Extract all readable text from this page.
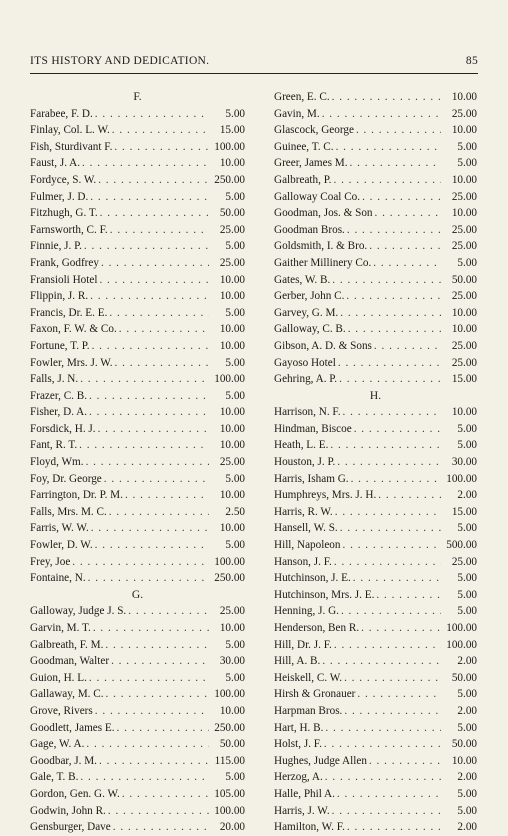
ITS HISTORY AND DEDICATION.	85
F.
Farabee, F. D. . . .	5.00
Finlay, Col. L. W. . . .	15.00
Fish, Sturdivant F. . . .	100.00
Faust, J. A. . . .	10.00
Fordyce, S. W. . . .	250.00
Fulmer, J. D. . . .	5.00
Fitzhugh, G. T. . . .	50.00
Farnsworth, C. F. . . .	25.00
Finnie, J. P. . . .	5.00
Frank, Godfrey . . .	25.00
Fransioli Hotel . . .	10.00
Flippin, J. R. . . .	10.00
Francis, Dr. E. E. . . .	5.00
Faxon, F. W. & Co. . . .	10.00
Fortune, T. P. . . .	10.00
Fowler, Mrs. J. W. . . .	5.00
Falls, J. N. . . .	100.00
Frazer, C. B. . . .	5.00
Fisher, D. A. . . .	10.00
Forsdick, H. J. . . .	10.00
Fant, R. T. . . .	10.00
Floyd, Wm. . . .	25.00
Foy, Dr. George . . .	5.00
Farrington, Dr. P. M. . . .	10.00
Falls, Mrs. M. C. . . .	2.50
Farris, W. W. . . .	10.00
Fowler, D. W. . . .	5.00
Frey, Joe . . .	100.00
Fontaine, N. . . .	250.00
G.
Galloway, Judge J. S. . . .	25.00
Garvin, M. T. . . .	10.00
Galbreath, F. M. . . .	5.00
Goodman, Walter . . .	30.00
Guion, H. L. . . .	5.00
Gallaway, M. C. . . .	100.00
Grove, Rivers . . .	10.00
Goodlett, James E. . . .	250.00
Gage, W. A. . . .	50.00
Goodbar, J. M. . . .	115.00
Gale, T. B. . . .	5.00
Gordon, Gen. G. W. . . .	105.00
Godwin, John R. . . .	100.00
Gensburger, Dave . . .	20.00
Green, E. C. . . .	10.00
Gavin, M. . . .	25.00
Glascock, George . . .	10.00
Guinee, T. C. . . .	5.00
Greer, James M. . . .	5.00
Galbreath, P. . . .	10.00
Galloway Coal Co. . . .	25.00
Goodman, Jos. & Son . . .	10.00
Goodman Bros. . . .	25.00
Goldsmith, I. & Bro. . . .	25.00
Gaither Millinery Co. . . .	5.00
Gates, W. B. . . .	50.00
Gerber, John C. . . .	25.00
Garvey, G. M. . . .	10.00
Galloway, C. B. . . .	10.00
Gibson, A. D. & Sons . . .	25.00
Gayoso Hotel . . .	25.00
Gehring, A. P. . . .	15.00
H.
Harrison, N. F. . . .	10.00
Hindman, Biscoe . . .	5.00
Heath, L. E. . . .	5.00
Houston, J. P. . . .	30.00
Harris, Isham G. . . .	100.00
Humphreys, Mrs. J. H. . . .	2.00
Harris, R. W. . . .	15.00
Hansell, W. S. . . .	5.00
Hill, Napoleon . . .	500.00
Hanson, J. F. . . .	25.00
Hutchinson, J. E. . . .	5.00
Hutchinson, Mrs. J. E. . . .	5.00
Henning, J. G. . . .	5.00
Henderson, Ben R. . . .	100.00
Hill, Dr. J. F. . . .	100.00
Hill, A. B. . . .	2.00
Heiskell, C. W. . . .	50.00
Hirsh & Gronauer . . .	5.00
Harpman Bros. . . .	2.00
Hart, H. B. . . .	5.00
Holst, J. F. . . .	50.00
Hughes, Judge Allen . . .	10.00
Herzog, A. . . .	2.00
Halle, Phil A. . . .	5.00
Harris, J. W. . . .	5.00
Hamilton, W. F. . . .	2.00
